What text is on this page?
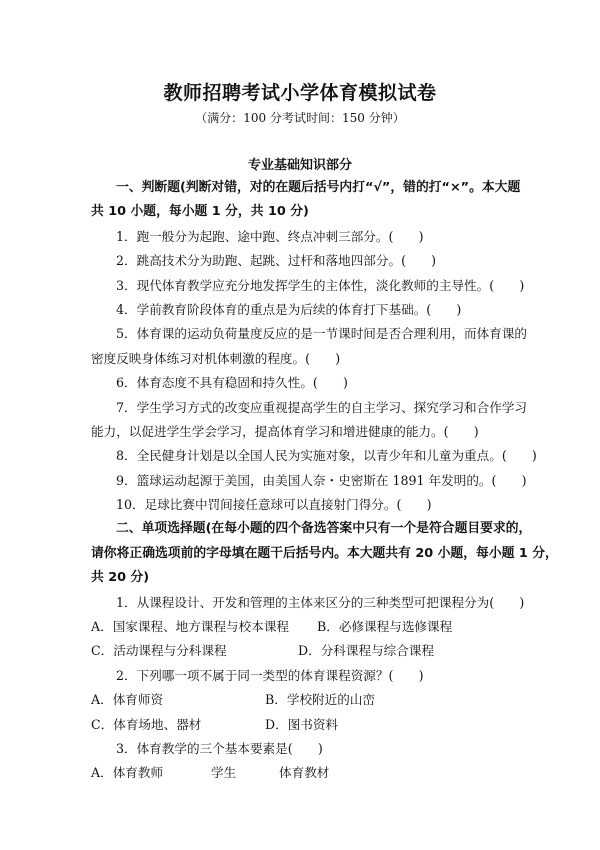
教师招聘考试小学体育模拟试卷
（满分：100 分考试时间：150 分钟）
专业基础知识部分
一、判断题(判断对错，对的在题后括号内打“√”，错的打“×”。本大题
共 10 小题，每小题 1 分，共 10 分)
1．跑一般分为起跑、途中跑、终点冲刺三部分。(　　)
2．跳高技术分为助跑、起跳、过杆和落地四部分。(　　)
3．现代体育教学应充分地发挥学生的主体性，淡化教师的主导性。(　　)
4．学前教育阶段体育的重点是为后续的体育打下基础。(　　)
5．体育课的运动负荷量度反应的是一节课时间是否合理利用，而体育课的
密度反映身体练习对机体刺激的程度。(　　)
6．体育态度不具有稳固和持久性。(　　)
7．学生学习方式的改变应重视提高学生的自主学习、探究学习和合作学习
能力，以促进学生学会学习，提高体育学习和增进健康的能力。(　　)
8．全民健身计划是以全国人民为实施对象，以青少年和儿童为重点。(　　)
9．篮球运动起源于美国，由美国人奈・史密斯在 1891 年发明的。(　　)
10．足球比赛中罚间接任意球可以直接射门得分。(　　)
二、单项选择题(在每小题的四个备选答案中只有一个是符合题目要求的，
请你将正确选项前的字母填在题干后括号内。本大题共有 20 小题，每小题 1 分，
共 20 分)
1．从课程设计、开发和管理的主体来区分的三种类型可把课程分为(　　)
A．国家课程、地方课程与校本课程 B．必修课程与选修课程
C．活动课程与分科课程	D．分科课程与综合课程
2．下列哪一项不属于同一类型的体育课程资源？(　　)
A．体育师资	B．学校附近的山峦
C．体育场地、器材	D．图书资料
3．体育教学的三个基本要素是(　　)
A．体育教师	学生	体育教材
